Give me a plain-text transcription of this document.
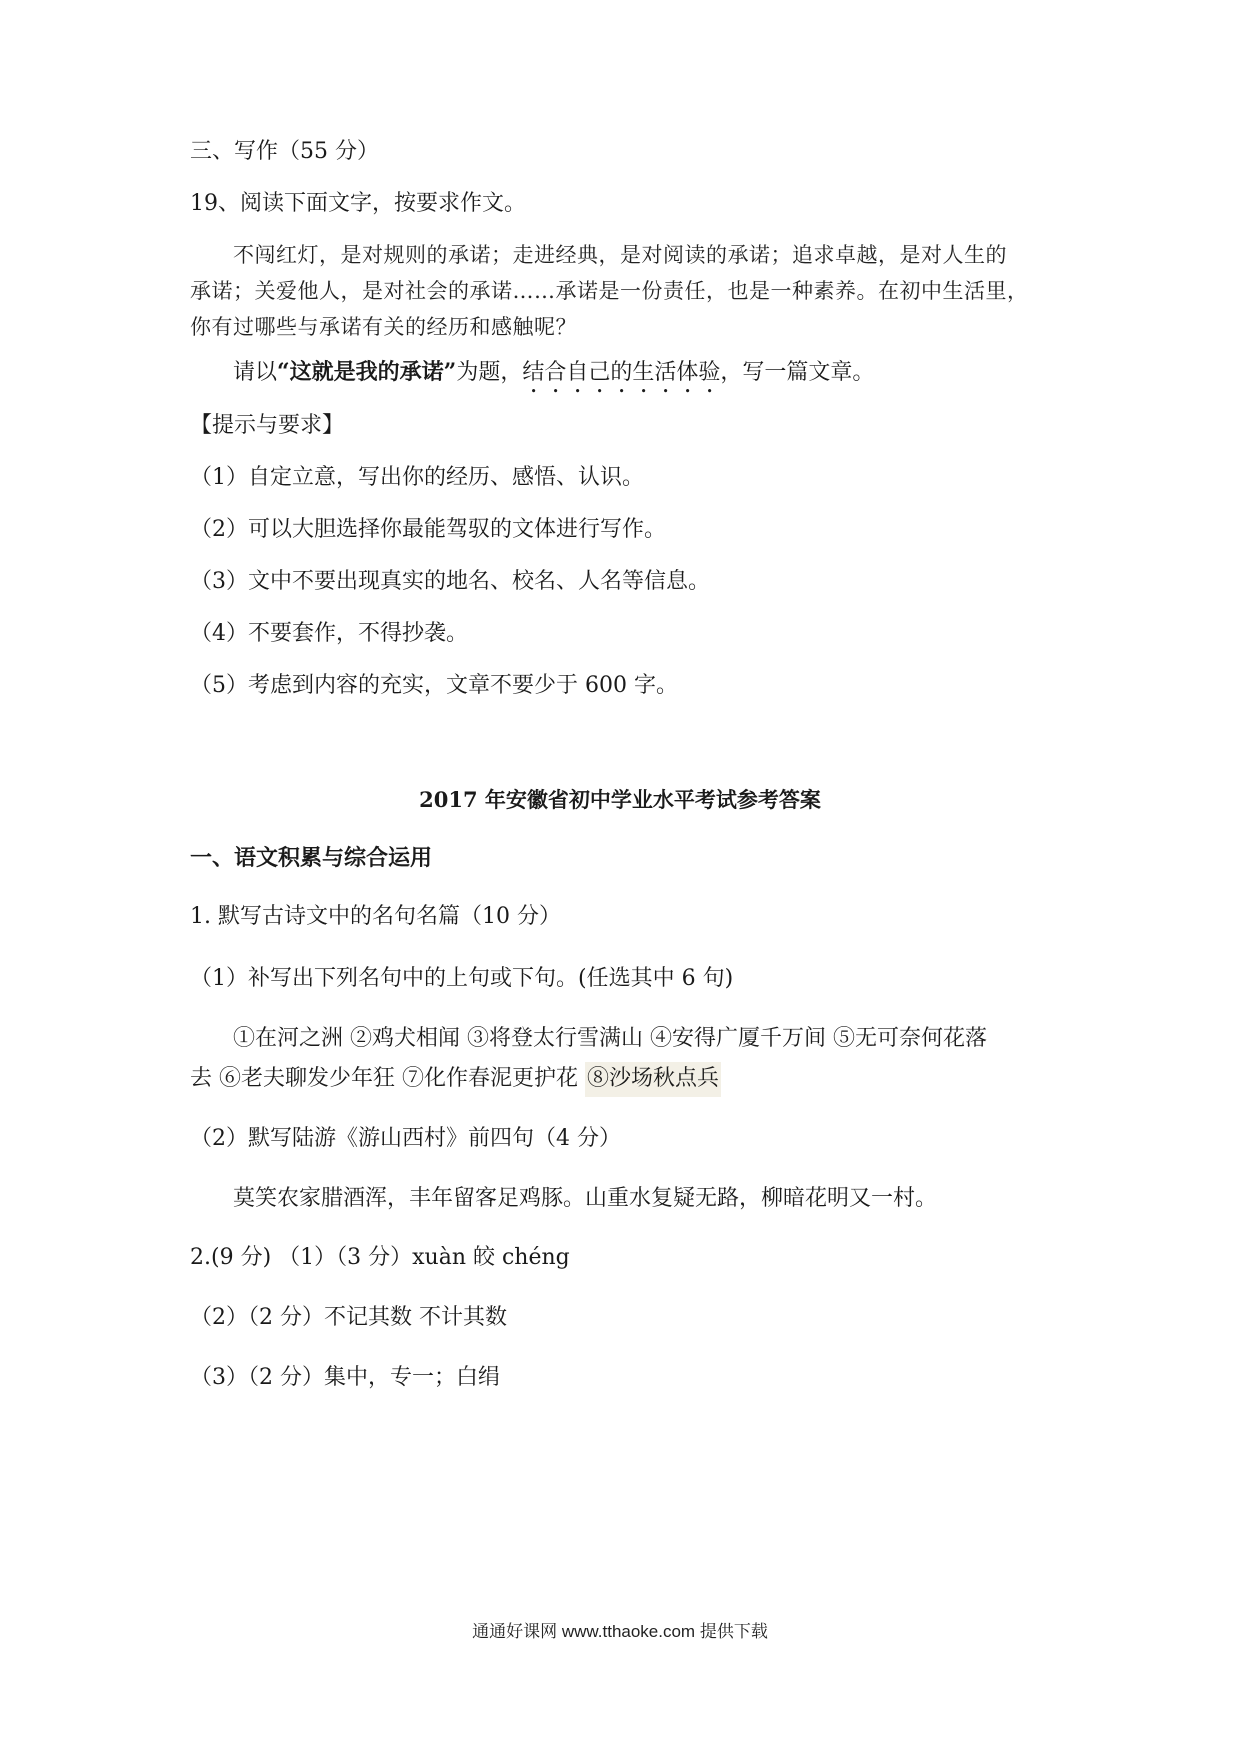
三、写作（55 分）
19、阅读下面文字，按要求作文。
不闯红灯，是对规则的承诺；走进经典，是对阅读的承诺；追求卓越，是对人生的
承诺；关爱他人，是对社会的承诺……承诺是一份责任，也是一种素养。在初中生活里，
你有过哪些与承诺有关的经历和感触呢？
请以“这就是我的承诺”为题，结合自己的生活体验，写一篇文章。
【提示与要求】
（1）自定立意，写出你的经历、感悟、认识。
（2）可以大胆选择你最能驾驭的文体进行写作。
（3）文中不要出现真实的地名、校名、人名等信息。
（4）不要套作，不得抄袭。
（5）考虑到内容的充实，文章不要少于 600 字。
2017 年安徽省初中学业水平考试参考答案
一、语文积累与综合运用
1. 默写古诗文中的名句名篇（10 分）
（1）补写出下列名句中的上句或下句。(任选其中 6 句)
①在河之洲 ②鸡犬相闻 ③将登太行雪满山 ④安得广厦千万间 ⑤无可奈何花落
去 ⑥老夫聊发少年狂 ⑦化作春泥更护花 ⑧沙场秋点兵
（2）默写陆游《游山西村》前四句（4 分）
莫笑农家腊酒浑，丰年留客足鸡豚。山重水复疑无路，柳暗花明又一村。
2.(9 分) （1）（3 分）xuàn 皎 chéng
（2）（2 分）不记其数 不计其数
（3）（2 分）集中，专一；白绢
通通好课网 www.tthaoke.com 提供下载
